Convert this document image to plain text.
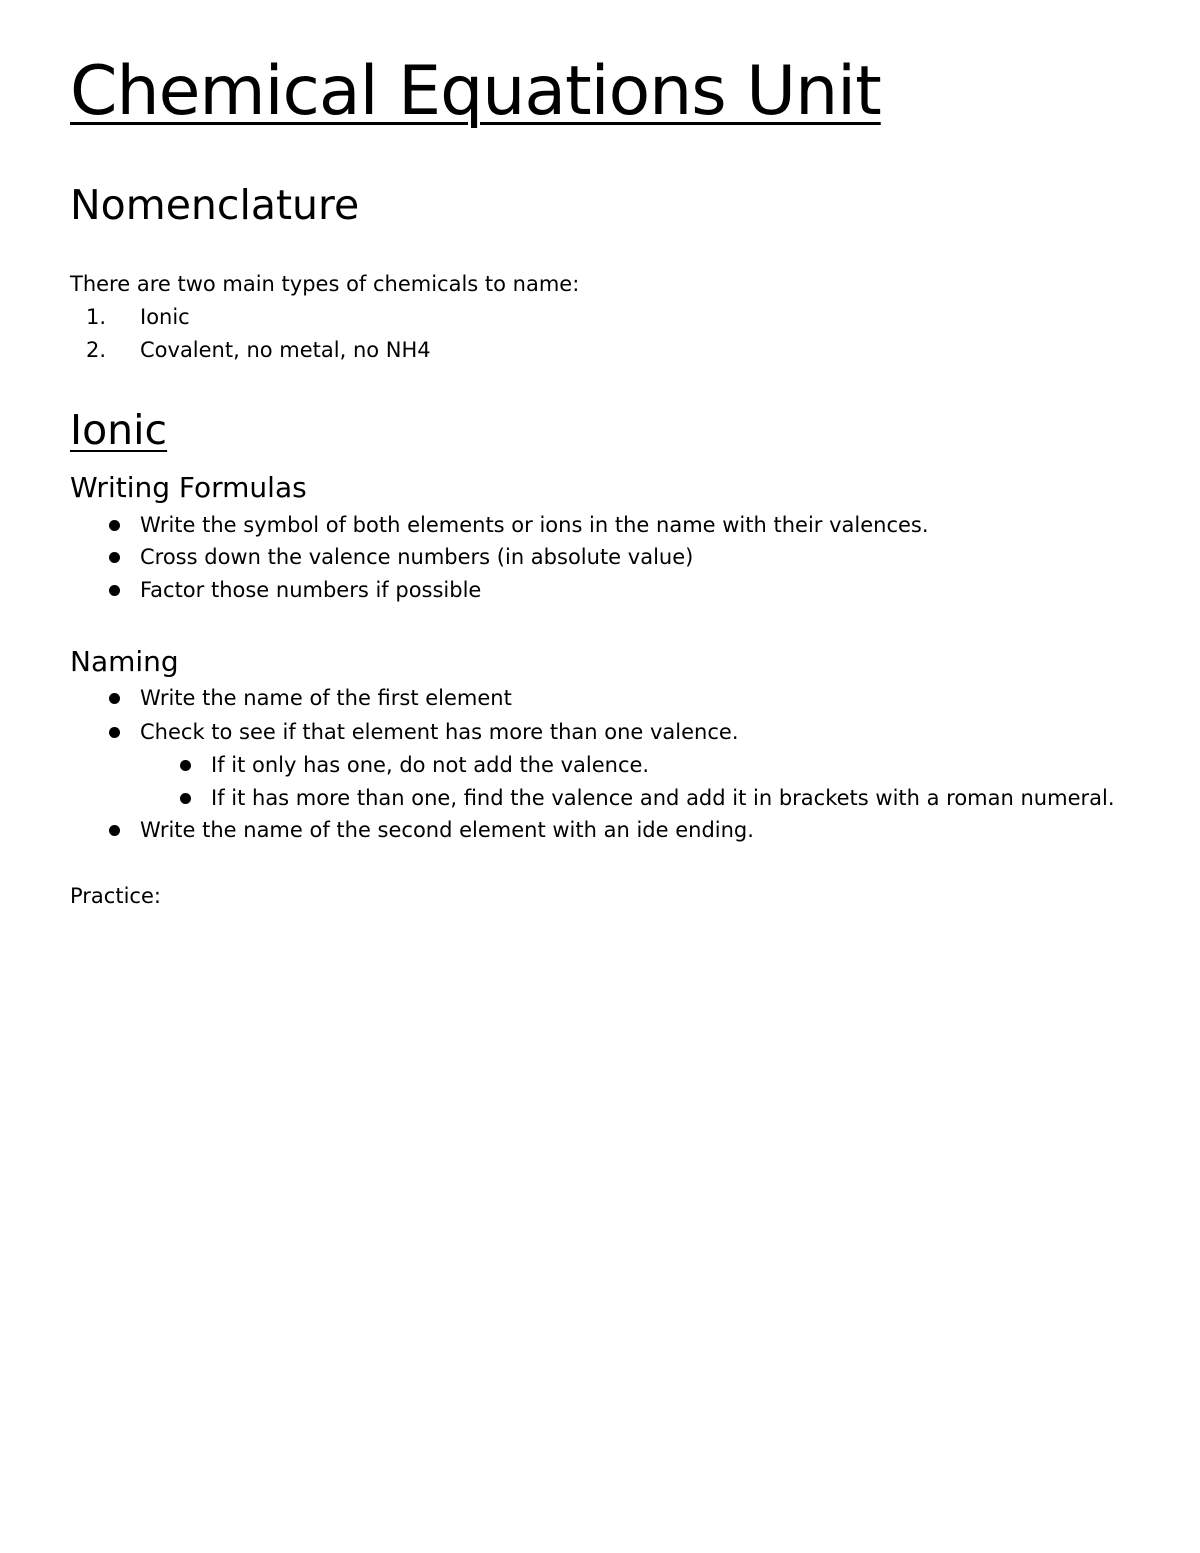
Chemical Equations Unit
Nomenclature
There are two main types of chemicals to name:
1. Ionic
2. Covalent, no metal, no NH4
Ionic
Writing Formulas
Write the symbol of both elements or ions in the name with their valences.
Cross down the valence numbers (in absolute value)
Factor those numbers if possible
Naming
Write the name of the first element
Check to see if that element has more than one valence.
If it only has one, do not add the valence.
If it has more than one, find the valence and add it in brackets with a roman numeral.
Write the name of the second element with an ide ending.
Practice:
